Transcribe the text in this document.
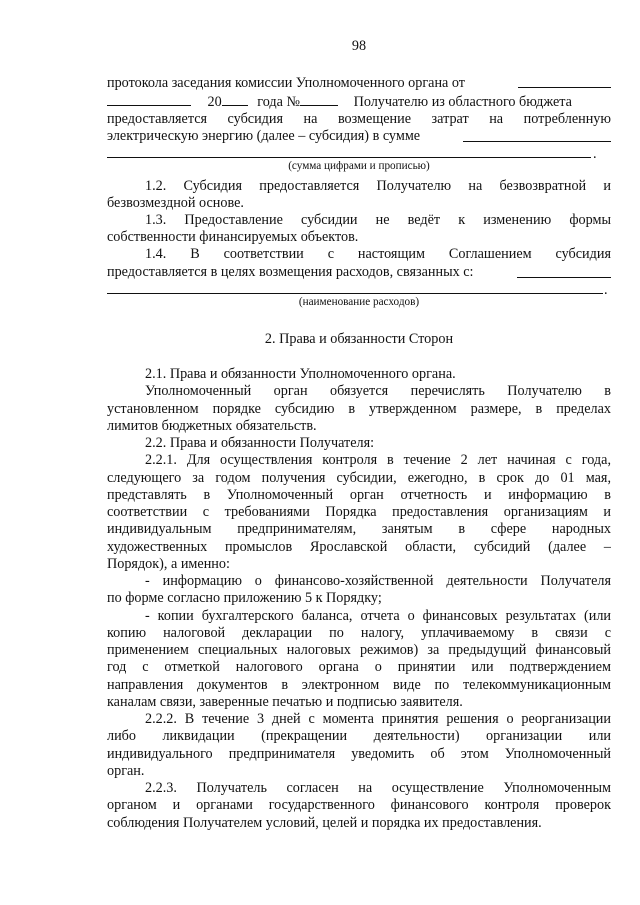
98
протокола заседания комиссии Уполномоченного органа от
20	года №	Получателю из областного бюджета
предоставляется субсидия на возмещение затрат на потребленную
электрическую энергию (далее – субсидия) в сумме
.
(сумма цифрами и прописью)
1.2. Субсидия предоставляется Получателю на безвозвратной и
безвозмездной основе.
1.3. Предоставление субсидии не ведёт к изменению формы
собственности финансируемых объектов.
1.4. В соответствии с настоящим Соглашением субсидия
предоставляется в целях возмещения расходов, связанных с:
.
(наименование расходов)
2. Права и обязанности Сторон
2.1. Права и обязанности Уполномоченного органа.
Уполномоченный орган обязуется перечислять Получателю в
установленном порядке субсидию в утвержденном размере, в пределах
лимитов бюджетных обязательств.
2.2. Права и обязанности Получателя:
2.2.1. Для осуществления контроля в течение 2 лет начиная с года,
следующего за годом получения субсидии, ежегодно, в срок до 01 мая,
представлять в Уполномоченный орган отчетность и информацию в
соответствии с требованиями Порядка предоставления организациям и
индивидуальным предпринимателям, занятым в сфере народных
художественных промыслов Ярославской области, субсидий (далее –
Порядок), а именно:
- информацию о финансово-хозяйственной деятельности Получателя
по форме согласно приложению 5 к Порядку;
- копии бухгалтерского баланса, отчета о финансовых результатах (или
копию налоговой декларации по налогу, уплачиваемому в связи с
применением специальных налоговых режимов) за предыдущий финансовый
год с отметкой налогового органа о принятии или подтверждением
направления документов в электронном виде по телекоммуникационным
каналам связи, заверенные печатью и подписью заявителя.
2.2.2. В течение 3 дней с момента принятия решения о реорганизации
либо ликвидации (прекращении деятельности) организации или
индивидуального предпринимателя уведомить об этом Уполномоченный
орган.
2.2.3. Получатель согласен на осуществление Уполномоченным
органом и органами государственного финансового контроля проверок
соблюдения Получателем условий, целей и порядка их предоставления.
